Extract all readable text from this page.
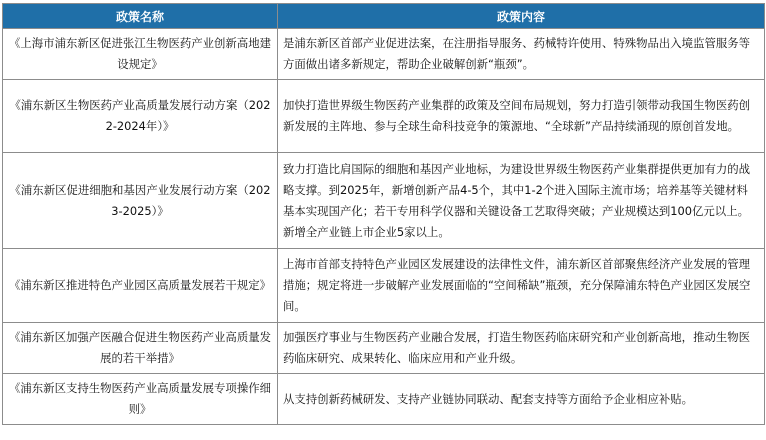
政策名称	政策内容
《上海市浦东新区促进张江生物医药产业创新高地建设规定》	是浦东新区首部产业促进法案，在注册指导服务、药械特许使用、特殊物品出入境监管服务等方面做出诸多新规定，帮助企业破解创新“瓶颈”。
《浦东新区生物医药产业高质量发展行动方案（2022-2024年）》	加快打造世界级生物医药产业集群的政策及空间布局规划，努力打造引领带动我国生物医药创新发展的主阵地、参与全球生命科技竞争的策源地、“全球新”产品持续涌现的原创首发地。
《浦东新区促进细胞和基因产业发展行动方案（2023-2025）》	致力打造比肩国际的细胞和基因产业地标，为建设世界级生物医药产业集群提供更加有力的战略支撑。到2025年，新增创新产品4-5个，其中1-2个进入国际主流市场；培养基等关键材料基本实现国产化；若干专用科学仪器和关键设备工艺取得突破；产业规模达到100亿元以上。新增全产业链上市企业5家以上。
《浦东新区推进特色产业园区高质量发展若干规定》	上海市首部支持特色产业园区发展建设的法律性文件，浦东新区首部聚焦经济产业发展的管理措施；规定将进一步破解产业发展面临的“空间稀缺”瓶颈，充分保障浦东特色产业园区发展空间。
《浦东新区加强产医融合促进生物医药产业高质量发展的若干举措》	加强医疗事业与生物医药产业融合发展，打造生物医药临床研究和产业创新高地，推动生物医药临床研究、成果转化、临床应用和产业升级。
《浦东新区支持生物医药产业高质量发展专项操作细则》	从支持创新药械研发、支持产业链协同联动、配套支持等方面给予企业相应补贴。
